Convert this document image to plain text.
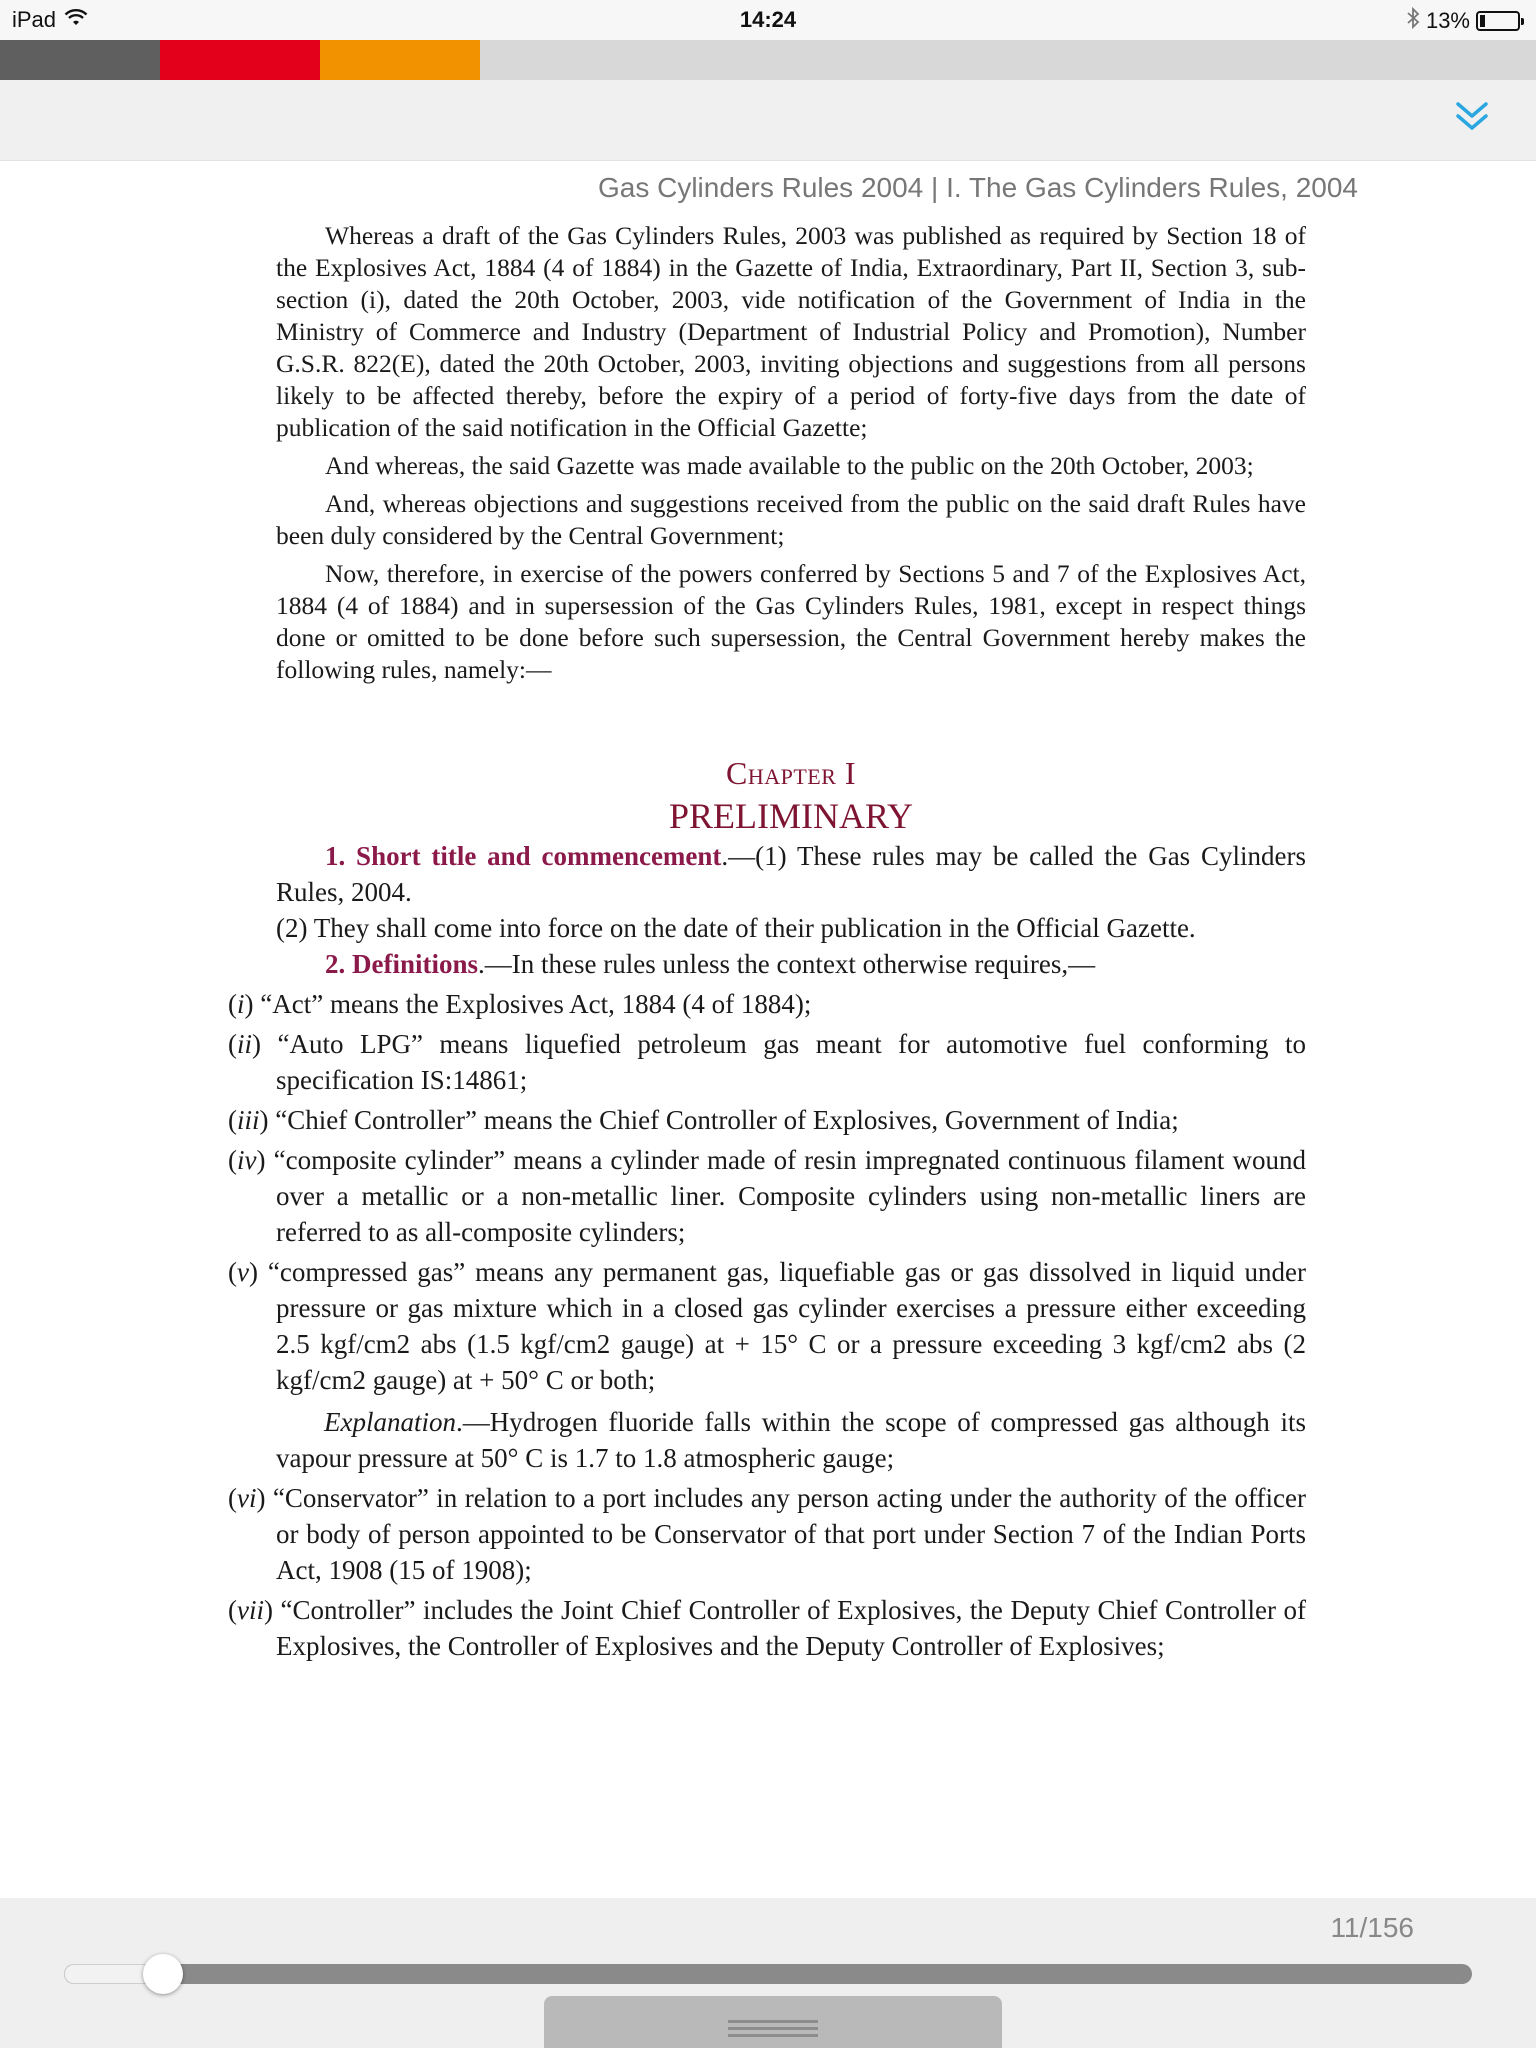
iPad	14:24	13%
Gas Cylinders Rules 2004 | I. The Gas Cylinders Rules, 2004

Whereas a draft of the Gas Cylinders Rules, 2003 was published as required by Section 18 of the Explosives Act, 1884 (4 of 1884) in the Gazette of India, Extraordinary, Part II, Section 3, sub-section (i), dated the 20th October, 2003, vide notification of the Government of India in the Ministry of Commerce and Industry (Department of Industrial Policy and Promotion), Number G.S.R. 822(E), dated the 20th October, 2003, inviting objections and suggestions from all persons likely to be affected thereby, before the expiry of a period of forty-five days from the date of publication of the said notification in the Official Gazette;

And whereas, the said Gazette was made available to the public on the 20th October, 2003;

And, whereas objections and suggestions received from the public on the said draft Rules have been duly considered by the Central Government;

Now, therefore, in exercise of the powers conferred by Sections 5 and 7 of the Explosives Act, 1884 (4 of 1884) and in supersession of the Gas Cylinders Rules, 1981, except in respect things done or omitted to be done before such supersession, the Central Government hereby makes the following rules, namely:—

Chapter I
PRELIMINARY

1. Short title and commencement.—(1) These rules may be called the Gas Cylinders Rules, 2004.

(2) They shall come into force on the date of their publication in the Official Gazette.

2. Definitions.—In these rules unless the context otherwise requires,—

(i) “Act” means the Explosives Act, 1884 (4 of 1884);

(ii) “Auto LPG” means liquefied petroleum gas meant for automotive fuel conforming to specification IS:14861;

(iii) “Chief Controller” means the Chief Controller of Explosives, Government of India;

(iv) “composite cylinder” means a cylinder made of resin impregnated continuous filament wound over a metallic or a non-metallic liner. Composite cylinders using non-metallic liners are referred to as all-composite cylinders;

(v) “compressed gas” means any permanent gas, liquefiable gas or gas dissolved in liquid under pressure or gas mixture which in a closed gas cylinder exercises a pressure either exceeding 2.5 kgf/cm2 abs (1.5 kgf/cm2 gauge) at + 15° C or a pressure exceeding 3 kgf/cm2 abs (2 kgf/cm2 gauge) at + 50° C or both;

Explanation.—Hydrogen fluoride falls within the scope of compressed gas although its vapour pressure at 50° C is 1.7 to 1.8 atmospheric gauge;

(vi) “Conservator” in relation to a port includes any person acting under the authority of the officer or body of person appointed to be Conservator of that port under Section 7 of the Indian Ports Act, 1908 (15 of 1908);

(vii) “Controller” includes the Joint Chief Controller of Explosives, the Deputy Chief Controller of Explosives, the Controller of Explosives and the Deputy Controller of Explosives;

11/156
